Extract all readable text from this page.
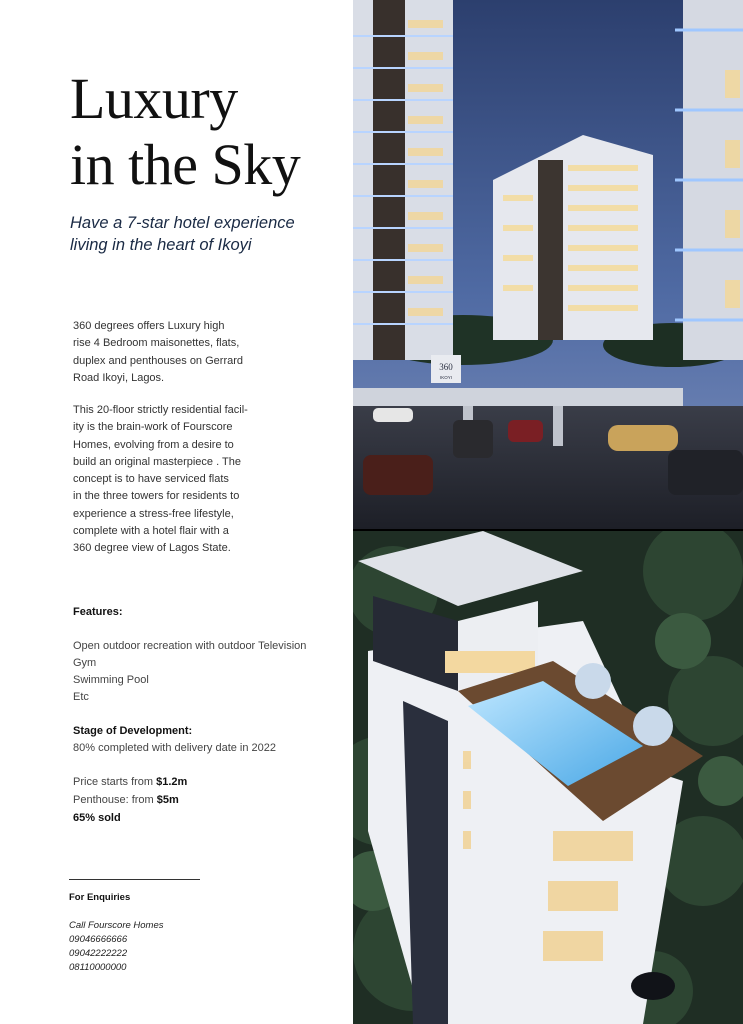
Luxury
in the Sky

Have a 7-star hotel experience
living in the heart of Ikoyi

360 degrees offers Luxury high
rise 4 Bedroom maisonettes, flats,
duplex and penthouses on Gerrard
Road Ikoyi, Lagos.

This 20-floor strictly residential facil-
ity is the brain-work of Fourscore
Homes, evolving from a desire to
build an original masterpiece . The
concept is to have serviced flats
in the three towers for residents to
experience a stress-free lifestyle,
complete with a hotel flair with a
360 degree view of Lagos State.

Features:

Open outdoor recreation with outdoor Television
Gym
Swimming Pool
Etc

Stage of Development:

80% completed with delivery date in 2022
Price starts from $1.2m
Penthouse: from $5m
65% sold
For Enquiries
Call Fourscore Homes
09046666666
09042222222
08110000000
360
IKOYI
